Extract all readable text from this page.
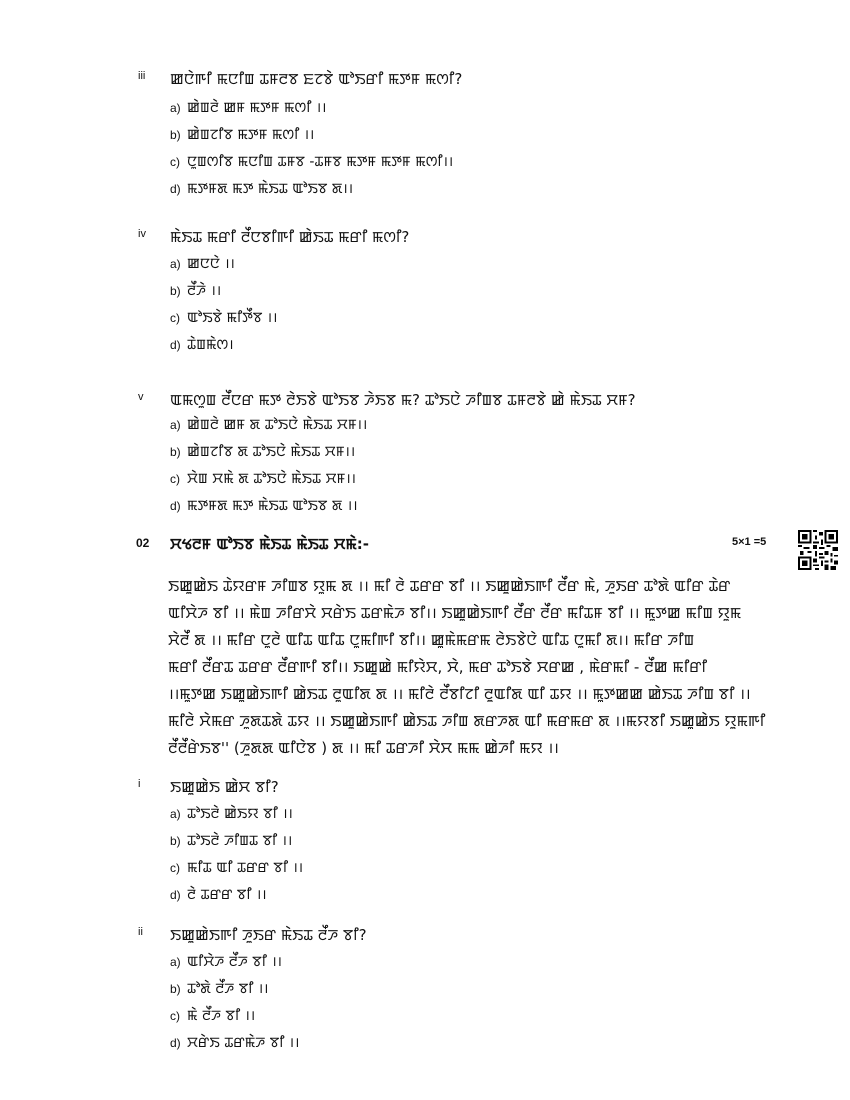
iii ꯀꯅꯥꯒꯤ ꯃꯅꯤꯡ ꯊꯝꯂꯕ ꯐꯖꯕꯥ ꯑꯣꯏꯔꯤ ꯃꯇꯝ ꯃꯁꯤ?
a) ꯀꯥꯡꯂꯥ ꯀꯝ ꯃꯇꯝ ꯃꯁꯤ ।।
b) ꯀꯥꯡꯖꯤꯕ ꯃꯇꯝ ꯃꯁꯤ ।।
c) ꯅꯨꯡꯁꯤꯕ ꯃꯅꯤꯡ ꯊꯝꯕ -ꯊꯝꯕ ꯃꯇꯝ ꯃꯇꯝ ꯃꯁꯤ।।
d) ꯃꯇꯝꯗ ꯃꯇ ꯃꯥꯏꯊ ꯑꯣꯏꯕ ꯗ।।
iv ꯃꯥꯏꯊ ꯃꯔꯤ ꯂꯩꯅꯕꯤꯒꯤ ꯀꯥꯏꯊ ꯃꯔꯤ ꯃꯁꯤ?
a) ꯀꯅꯅꯥ ।।
b) ꯂꯩꯍꯥ ।।
c) ꯑꯣꯏꯕꯥ ꯃꯤꯇꯩꯕ ।।
d) ꯊꯥꯡꯃꯥꯁ।
v ꯑꯃꯁꯨꯡ ꯂꯩꯅꯔ ꯃꯇ ꯂꯥꯏꯕꯥ ꯑꯣꯏꯕ ꯍꯥꯏꯕ ꯃ? ꯊꯣꯏꯅꯥ ꯍꯤꯡꯕ ꯊꯝꯂꯕꯥ ꯀꯥ ꯃꯥꯏꯊ ꯆꯝ?
a) ꯀꯥꯡꯂꯥ ꯀꯝ ꯗ ꯊꯣꯏꯅꯥ ꯃꯥꯏꯊ ꯆꯝ।।
b) ꯀꯥꯡꯖꯤꯕ ꯗ ꯊꯣꯏꯅꯥ ꯃꯥꯏꯊ ꯆꯝ।।
c) ꯆꯥꯡ ꯆꯃꯥ ꯗ ꯊꯣꯏꯅꯥ ꯃꯥꯏꯊ ꯆꯝ।।
d) ꯃꯇꯝꯗ ꯃꯇ ꯃꯥꯏꯊ ꯑꯣꯏꯕ ꯗ ।।
02 ꯆꯠꯂꯝ ꯑꯣꯏꯕ ꯃꯥꯏꯊ ꯃꯥꯏꯊ ꯆꯃꯥ:-	5×1 =5
ꯏꯀꯨꯀꯥꯏ ꯊꯥꯌꯔꯝ ꯍꯤꯡꯕ ꯌꯨꯃ ꯗ ।। ꯃꯤ ꯂꯥ ꯊꯔꯔ ꯕꯤ ।। ꯏꯀꯨꯀꯥꯏꯒꯤ ꯂꯩꯔ ꯃꯥ, ꯍꯨꯏꯔ ꯊꯣꯗꯥ ꯑꯤꯔ ꯊꯥꯔ
ꯑꯤꯆꯥꯍ ꯕꯤ ।। ꯃꯥꯡ ꯍꯤꯔꯆꯥ ꯆꯔꯥꯏ ꯊꯔꯃꯥꯍ ꯕꯤ।। ꯏꯀꯨꯀꯥꯏꯒꯤ ꯂꯩꯔ ꯂꯩꯔ ꯃꯤꯊꯝ ꯕꯤ ।। ꯃꯨꯇꯀ ꯃꯤꯡ ꯌꯨꯃ
ꯆꯥꯂꯩ ꯗ ।। ꯃꯤꯔ ꯅꯨꯂꯥ ꯑꯤꯊ ꯑꯤꯊ ꯅꯨꯃꯤꯒꯤ ꯕꯤ।। ꯀꯨꯃꯥꯃꯔꯃ ꯂꯥꯏꯕꯥꯅꯥ ꯑꯤꯊ ꯅꯨꯃꯤ ꯗ।। ꯃꯤꯔ ꯍꯤꯡ
ꯃꯔꯤ ꯂꯩꯔꯊ ꯊꯔꯔ ꯂꯩꯔꯒꯤ ꯕꯤ।। ꯏꯀꯨꯀꯥ ꯃꯤꯌꯥꯆ, ꯆꯥ, ꯃꯔ ꯊꯣꯏꯕꯥ ꯆꯔꯀ , ꯃꯥꯔꯃꯤ - ꯂꯩꯀ ꯃꯤꯔꯤ
।।ꯃꯨꯇꯀ ꯏꯀꯨꯀꯥꯏꯒꯤ ꯀꯥꯏꯊ ꯂꯨꯑꯤꯗ ꯗ ।। ꯃꯤꯂꯥ ꯂꯩꯕꯤꯖꯤ ꯂꯨꯑꯤꯗ ꯑꯤ ꯊꯌ ।। ꯃꯨꯇꯀꯀ ꯀꯥꯏꯊ ꯍꯤꯡ ꯕꯤ ।।
ꯃꯤꯂꯥ ꯆꯥꯃꯔ ꯍꯨꯗꯊꯗꯥ ꯊꯌ ।। ꯏꯀꯨꯀꯥꯏꯒꯤ ꯀꯥꯏꯊ ꯍꯤꯡ ꯗꯔꯍꯗ ꯑꯤ ꯃꯔꯃꯔ ꯗ ।।ꯃꯌꯕꯤ ꯏꯀꯨꯀꯥꯏ ꯌꯨꯃꯒꯤ
ꯂꯩꯂꯩꯔꯥꯏꯕ'' (ꯍꯨꯗꯗ ꯑꯤꯅꯥꯕ ) ꯗ ।। ꯃꯤ ꯊꯔꯍꯤ ꯆꯥꯆ ꯃꯃ ꯀꯥꯍꯤ ꯃꯌ ।।
i ꯏꯀꯨꯀꯥꯏ ꯀꯥꯆ ꯕꯤ?
a) ꯊꯣꯏꯂꯥ ꯀꯥꯏꯌ ꯕꯤ ।।
b) ꯊꯣꯏꯂꯥ ꯍꯤꯡꯊ ꯕꯤ ।।
c) ꯃꯤꯊ ꯑꯤ ꯊꯔꯔ ꯕꯤ ।।
d) ꯂꯥ ꯊꯔꯔ ꯕꯤ ।।
ii ꯏꯀꯨꯀꯥꯏꯒꯤ ꯍꯨꯏꯔ ꯃꯥꯏꯊ ꯂꯩꯍ ꯕꯤ?
a) ꯑꯤꯆꯥꯍ ꯂꯩꯍ ꯕꯤ ।।
b) ꯊꯣꯗꯥ ꯂꯩꯍ ꯕꯤ ।।
c) ꯃꯥ ꯂꯩꯍ ꯕꯤ ।।
d) ꯆꯔꯥꯏ ꯊꯔꯃꯥꯍ ꯕꯤ ।।
